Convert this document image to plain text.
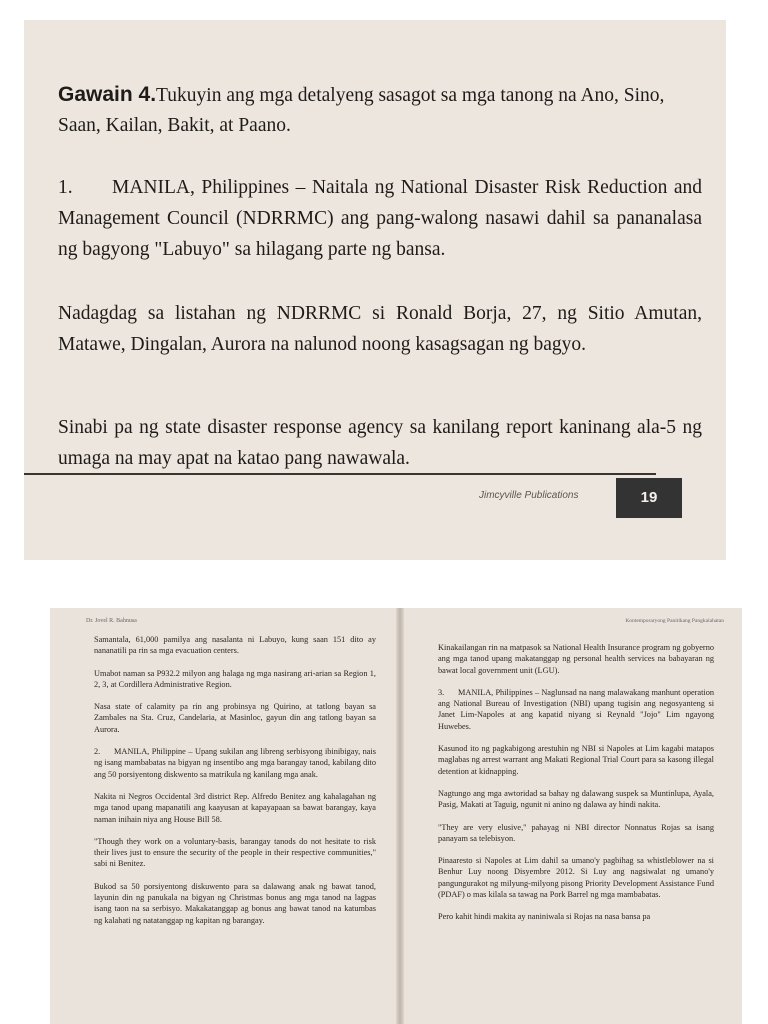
Gawain 4.Tukuyin ang mga detalyeng sasagot sa mga tanong na Ano, Sino, Saan, Kailan, Bakit, at Paano.
1. MANILA, Philippines – Naitala ng National Disaster Risk Reduction and Management Council (NDRRMC) ang pang-walong nasawi dahil sa pananalasa ng bagyong "Labuyo" sa hilagang parte ng bansa.
Nadagdag sa listahan ng NDRRMC si Ronald Borja, 27, ng Sitio Amutan, Matawe, Dingalan, Aurora na nalunod noong kasagsagan ng bagyo.
Sinabi pa ng state disaster response agency sa kanilang report kaninang ala-5 ng umaga na may apat na katao pang nawawala.
Jimcyville Publications	19
Dr. Jovel R. Bahnusa	Kontemporaryong Panitikang Pangkalahatan

Samantala, 61,000 pamilya ang nasalanta ni Labuyo, kung saan 151 dito ay nananatili pa rin sa mga evacuation centers.

Umabot naman sa P932.2 milyon ang halaga ng mga nasirang ari-arian sa Region 1, 2, 3, at Cordillera Administrative Region.

Nasa state of calamity pa rin ang probinsya ng Quirino, at tatlong bayan sa Zambales na Sta. Cruz, Candelaria, at Masinloc, gayun din ang tatlong bayan sa Aurora.

2. MANILA, Philippine – Upang sukilan ang libreng serbisyong ibinibigay, nais ng isang mambabatas na bigyan ng insentibo ang mga barangay tanod, kabilang dito ang 50 porsiyentong diskwento sa matrikula ng kanilang mga anak.

Nakita ni Negros Occidental 3rd district Rep. Alfredo Benitez ang kahalagahan ng mga tanod upang mapanatili ang kaayusan at kapayapaan sa bawat barangay, kaya naman inihain niya ang House Bill 58.

"Though they work on a voluntary-basis, barangay tanods do not hesitate to risk their lives just to ensure the security of the people in their respective communities," sabi ni Benitez.

Bukod sa 50 porsiyentong diskuwento para sa dalawang anak ng bawat tanod, layunin din ng panukala na bigyan ng Christmas bonus ang mga tanod na lagpas isang taon na sa serbisyo. Makakatanggap ag bonus ang bawat tanod na katumbas ng kalahati ng natatanggap ng kapitan ng barangay.

Kinakailangan rin na matpasok sa National Health Insurance program ng gobyerno ang mga tanod upang makatanggap ng personal health services na babayaran ng bawat local government unit (LGU).

3. MANILA, Philippines – Naglunsad na nang malawakang manhunt operation ang National Bureau of Investigation (NBI) upang tugisin ang negosyanteng si Janet Lim-Napoles at ang kapatid niyang si Reynald "Jojo" Lim ngayong Huwebes.

Kasunod ito ng pagkabigong arestuhin ng NBI si Napoles at Lim kagabi matapos maglabas ng arrest warrant ang Makati Regional Trial Court para sa kasong illegal detention at kidnapping.

Nagtungo ang mga awtoridad sa bahay ng dalawang suspek sa Muntinlupa, Ayala, Pasig, Makati at Taguig, ngunit ni anino ng dalawa ay hindi nakita.

"They are very elusive," pahayag ni NBI director Nonnatus Rojas sa isang panayam sa telebisyon.

Pinaaresto si Napoles at Lim dahil sa umano'y pagbihag sa whistleblower na si Benhur Luy noong Disyembre 2012. Si Luy ang nagsiwalat ng umano'y pangungurakot ng milyung-milyong pisong Priority Development Assistance Fund (PDAF) o mas kilala sa tawag na Pork Barrel ng mga mambabatas.

Pero kahit hindi makita ay naniniwala si Rojas na nasa bansa pa
